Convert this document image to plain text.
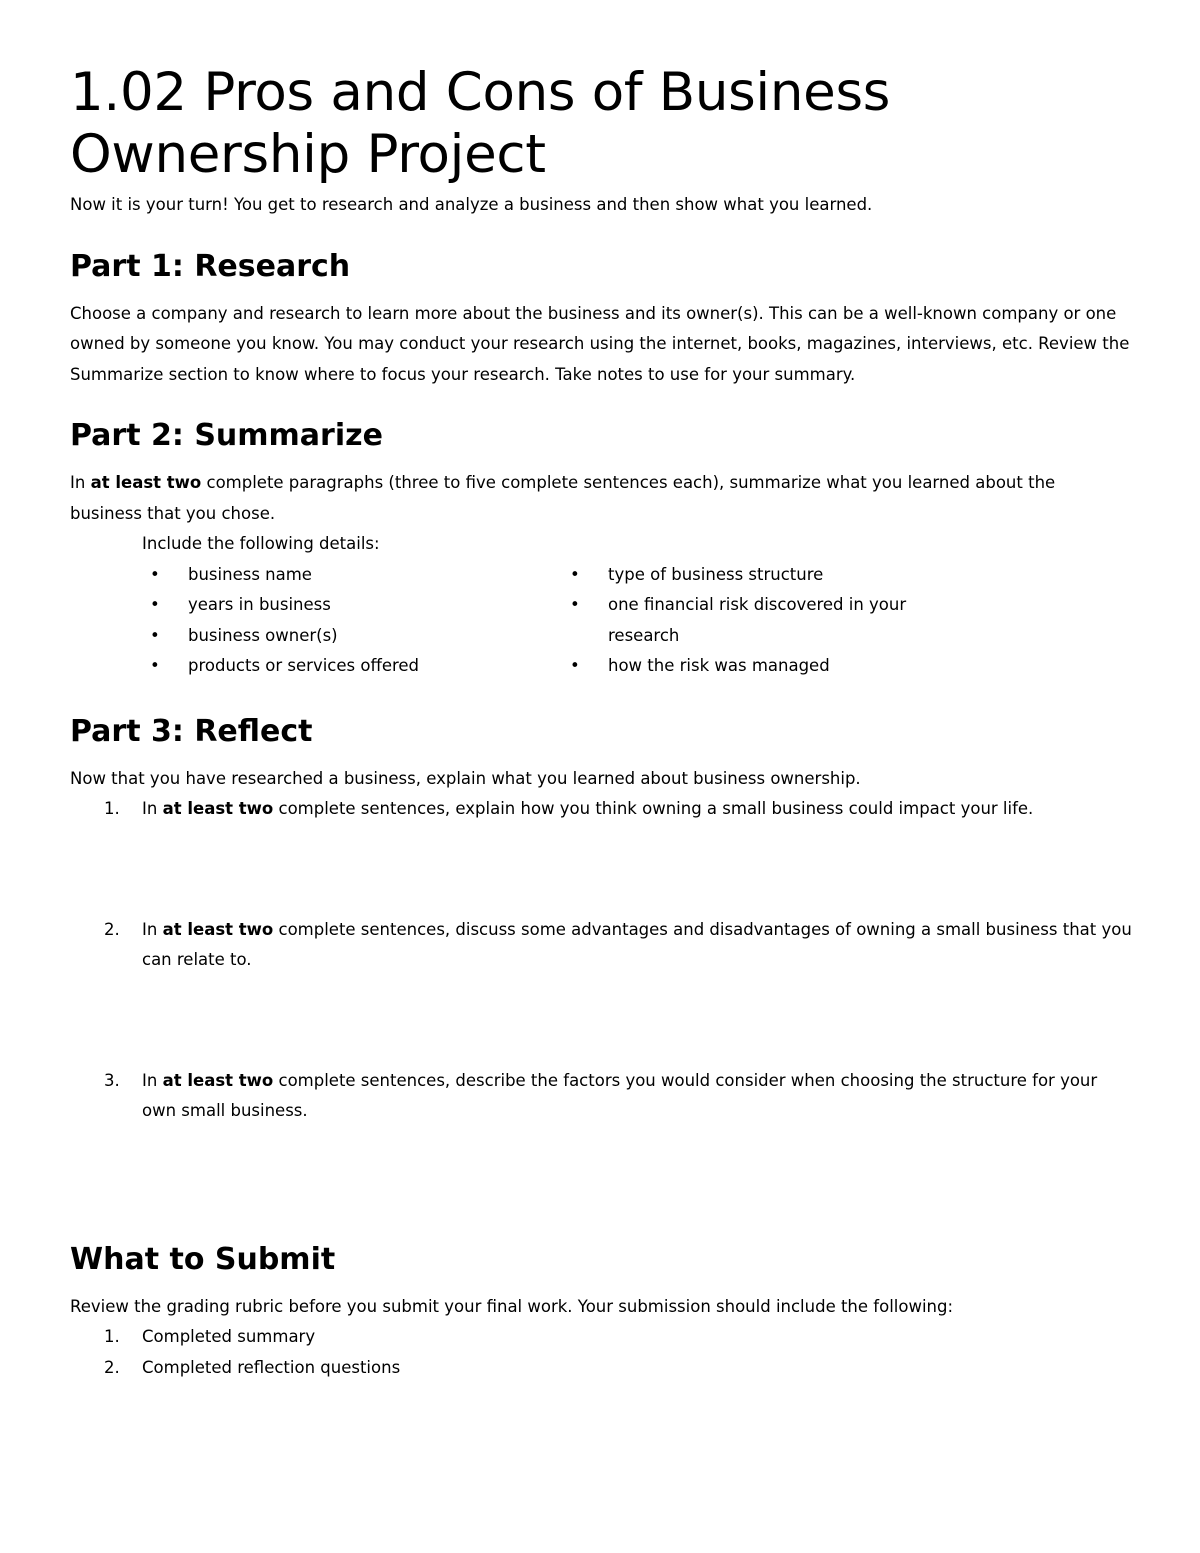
1.02 Pros and Cons of Business Ownership Project

Now it is your turn! You get to research and analyze a business and then show what you learned.

Part 1: Research

Choose a company and research to learn more about the business and its owner(s). This can be a well-known company or one owned by someone you know. You may conduct your research using the internet, books, magazines, interviews, etc. Review the Summarize section to know where to focus your research. Take notes to use for your summary.

Part 2: Summarize

In at least two complete paragraphs (three to five complete sentences each), summarize what you learned about the business that you chose.

Include the following details:

• business name
• years in business
• business owner(s)
• products or services offered
• type of business structure
• one financial risk discovered in your research
• how the risk was managed
Part 3: Reflect

Now that you have researched a business, explain what you learned about business ownership.

1. In at least two complete sentences, explain how you think owning a small business could impact your life.
2. In at least two complete sentences, discuss some advantages and disadvantages of owning a small business that you can relate to.
3. In at least two complete sentences, describe the factors you would consider when choosing the structure for your own small business.
What to Submit

Review the grading rubric before you submit your final work. Your submission should include the following:

1. Completed summary
2. Completed reflection questions
